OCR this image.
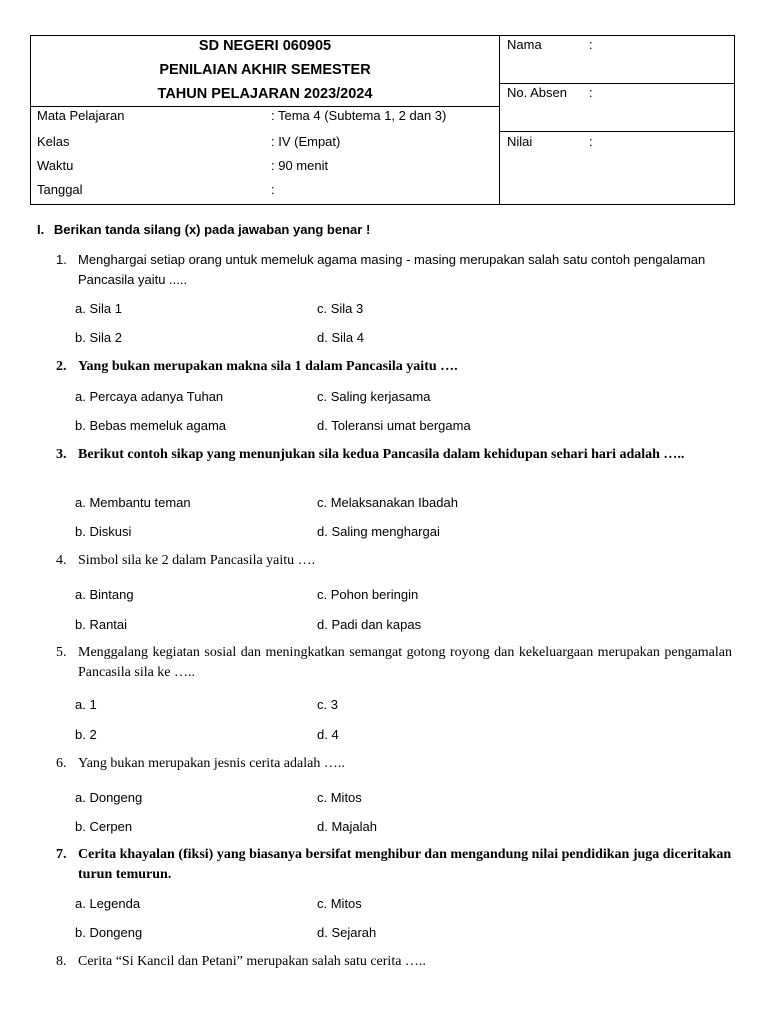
SD NEGERI 060905
PENILAIAN AKHIR SEMESTER
TAHUN PELAJARAN 2023/2024
Mata Pelajaran	: Tema 4 (Subtema 1, 2 dan 3)
Kelas	: IV (Empat)
Waktu	: 90 menit
Tanggal	:
Nama	:
No. Absen :
Nilai	:
I. Berikan tanda silang (x) pada jawaban yang benar !
1. Menghargai setiap orang untuk memeluk agama masing - masing merupakan salah satu contoh pengalaman Pancasila yaitu .....
a. Sila 1	c. Sila 3
b. Sila 2	d. Sila 4
2. Yang bukan merupakan makna sila 1 dalam Pancasila yaitu ….
a. Percaya adanya Tuhan	c. Saling kerjasama
b. Bebas memeluk agama	d. Toleransi umat bergama
3. Berikut contoh sikap yang menunjukan sila kedua Pancasila dalam kehidupan sehari hari adalah …..
a. Membantu teman	c. Melaksanakan Ibadah
b. Diskusi	d. Saling menghargai
4. Simbol sila ke 2 dalam Pancasila yaitu ….
a. Bintang	c. Pohon beringin
b. Rantai	d. Padi dan kapas
5. Menggalang kegiatan sosial dan meningkatkan semangat gotong royong dan kekeluargaan merupakan pengamalan Pancasila sila ke …..
a. 1	c. 3
b. 2	d. 4
6. Yang bukan merupakan jesnis cerita adalah …..
a. Dongeng	c. Mitos
b. Cerpen	d. Majalah
7. Cerita khayalan (fiksi) yang biasanya bersifat menghibur dan mengandung nilai pendidikan juga diceritakan turun temurun.
a. Legenda	c. Mitos
b. Dongeng	d. Sejarah
8. Cerita “Si Kancil dan Petani” merupakan salah satu cerita …..
